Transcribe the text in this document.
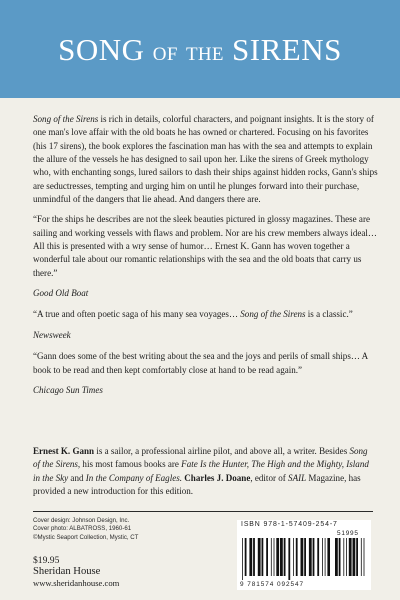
SONG OF THE SIRENS

Song of the Sirens is rich in details, colorful characters, and poignant insights. It is the story of one man's love affair with the old boats he has owned or chartered. Focusing on his favorites (his 17 sirens), the book explores the fascination man has with the sea and attempts to explain the allure of the vessels he has designed to sail upon her. Like the sirens of Greek mythology who, with enchanting songs, lured sailors to dash their ships against hidden rocks, Gann's ships are seductresses, tempting and urging him on until he plunges forward into their purchase, unmindful of the dangers that lie ahead. And dangers there are.

“For the ships he describes are not the sleek beauties pictured in glossy magazines. These are sailing and working vessels with flaws and problem. Nor are his crew members always ideal… All this is presented with a wry sense of humor… Ernest K. Gann has woven together a wonderful tale about our romantic relationships with the sea and the old boats that carry us there.”

Good Old Boat

“A true and often poetic saga of his many sea voyages… Song of the Sirens is a classic.”

Newsweek

“Gann does some of the best writing about the sea and the joys and perils of small ships… A book to be read and then kept comfortably close at hand to be read again.”

Chicago Sun Times

Ernest K. Gann is a sailor, a professional airline pilot, and above all, a writer. Besides Song of the Sirens, his most famous books are Fate Is the Hunter, The High and the Mighty, Island in the Sky and In the Company of Eagles. Charles J. Doane, editor of SAIL Magazine, has provided a new introduction for this edition.
Cover design: Johnson Design, Inc.
Cover photo: ALBATROSS, 1960-61
©Mystic Seaport Collection, Mystic, CT
$19.95
Sheridan House
www.sheridanhouse.com
ISBN 978-1-57409-254-7
51995
9 781574 092547
